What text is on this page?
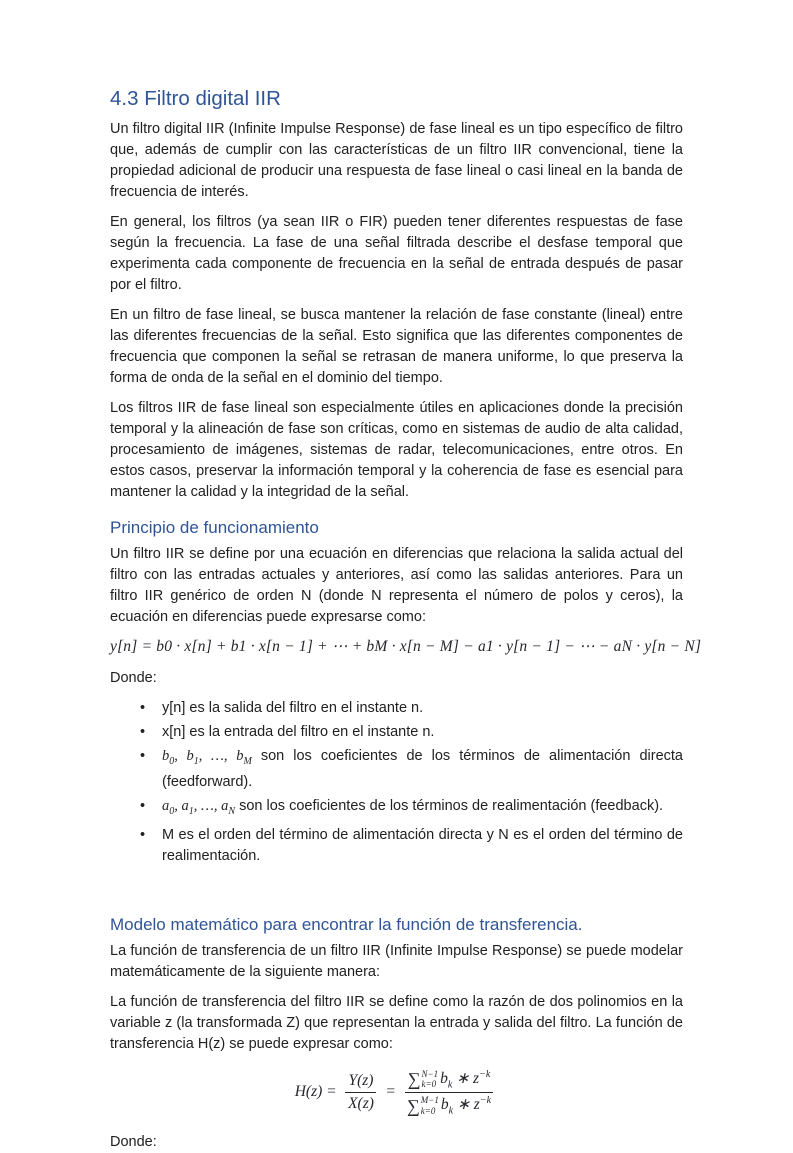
4.3 Filtro digital IIR

Un filtro digital IIR (Infinite Impulse Response) de fase lineal es un tipo específico de filtro que, además de cumplir con las características de un filtro IIR convencional, tiene la propiedad adicional de producir una respuesta de fase lineal o casi lineal en la banda de frecuencia de interés.

En general, los filtros (ya sean IIR o FIR) pueden tener diferentes respuestas de fase según la frecuencia. La fase de una señal filtrada describe el desfase temporal que experimenta cada componente de frecuencia en la señal de entrada después de pasar por el filtro.

En un filtro de fase lineal, se busca mantener la relación de fase constante (lineal) entre las diferentes frecuencias de la señal. Esto significa que las diferentes componentes de frecuencia que componen la señal se retrasan de manera uniforme, lo que preserva la forma de onda de la señal en el dominio del tiempo.

Los filtros IIR de fase lineal son especialmente útiles en aplicaciones donde la precisión temporal y la alineación de fase son críticas, como en sistemas de audio de alta calidad, procesamiento de imágenes, sistemas de radar, telecomunicaciones, entre otros. En estos casos, preservar la información temporal y la coherencia de fase es esencial para mantener la calidad y la integridad de la señal.

Principio de funcionamiento

Un filtro IIR se define por una ecuación en diferencias que relaciona la salida actual del filtro con las entradas actuales y anteriores, así como las salidas anteriores. Para un filtro IIR genérico de orden N (donde N representa el número de polos y ceros), la ecuación en diferencias puede expresarse como:

y[n] = b0 · x[n] + b1 · x[n − 1] + ⋯ + bM · x[n − M] − a1 · y[n − 1] − ⋯ − aN · y[n − N]

Donde:

• y[n] es la salida del filtro en el instante n.
• x[n] es la entrada del filtro en el instante n.
• $b_0$, $b_1$, …, $b_M$ son los coeficientes de los términos de alimentación directa (feedforward).
• $a_0$, $a_1$, …, $a_N$ son los coeficientes de los términos de realimentación (feedback).
• M es el orden del término de alimentación directa y N es el orden del término de realimentación.
Modelo matemático para encontrar la función de transferencia.

La función de transferencia de un filtro IIR (Infinite Impulse Response) se puede modelar matemáticamente de la siguiente manera:

La función de transferencia del filtro IIR se define como la razón de dos polinomios en la variable z (la transformada Z) que representan la entrada y salida del filtro. La función de transferencia H(z) se puede expresar como:

$H(z) = \frac{Y(z)}{X(z)}$ = ∑ N−1
k=0 $b_k$ ∗ $z^{-k}$
∑ M−1
k=0 $b_k$ ∗ $z^{-k}$

Donde:
